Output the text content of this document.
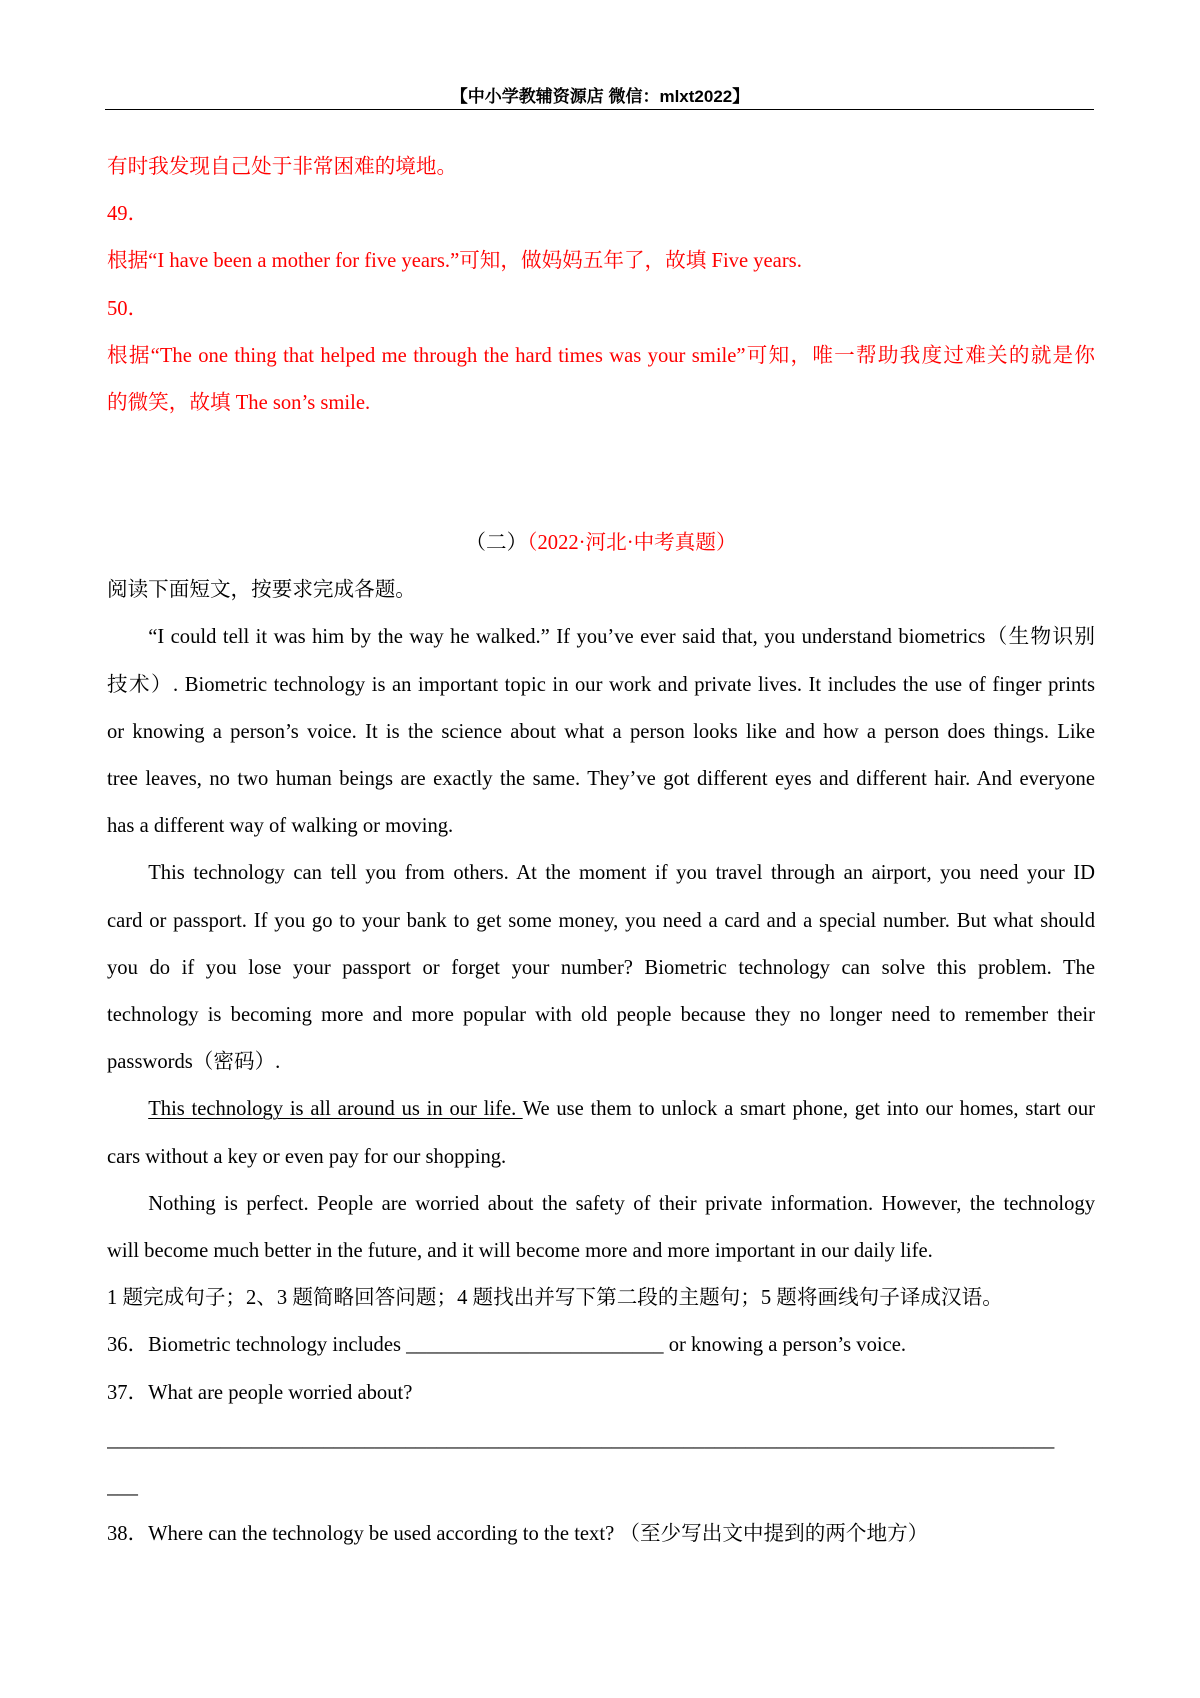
【中小学教辅资源店 微信：mlxt2022】
有时我发现自己处于非常困难的境地。
49．
根据“I have been a mother for five years.”可知，做妈妈五年了，故填 Five years.
50．
根据“The one thing that helped me through the hard times was your smile”可知，唯一帮助我度过难关的就是你
的微笑，故填 The son’s smile.
（二）（2022·河北·中考真题）
阅读下面短文，按要求完成各题。
“I could tell it was him by the way he walked.” If you’ve ever said that, you understand biometrics（生物识别
技术）. Biometric technology is an important topic in our work and private lives. It includes the use of finger prints
or knowing a person’s voice. It is the science about what a person looks like and how a person does things. Like
tree leaves, no two human beings are exactly the same. They’ve got different eyes and different hair. And everyone
has a different way of walking or moving.
This technology can tell you from others. At the moment if you travel through an airport, you need your ID
card or passport. If you go to your bank to get some money, you need a card and a special number. But what should
you do if you lose your passport or forget your number? Biometric technology can solve this problem. The
technology is becoming more and more popular with old people because they no longer need to remember their
passwords（密码）.
This technology is all around us in our life. We use them to unlock a smart phone, get into our homes, start our
cars without a key or even pay for our shopping.
Nothing is perfect. People are worried about the safety of their private information. However, the technology
will become much better in the future, and it will become more and more important in our daily life.
1 题完成句子；2、3 题简略回答问题；4 题找出并写下第二段的主题句；5 题将画线句子译成汉语。
36．Biometric technology includes _________________________ or knowing a person’s voice.
37．What are people worried about?
____________________________________________________________________________________________
___
38．Where can the technology be used according to the text? （至少写出文中提到的两个地方）
